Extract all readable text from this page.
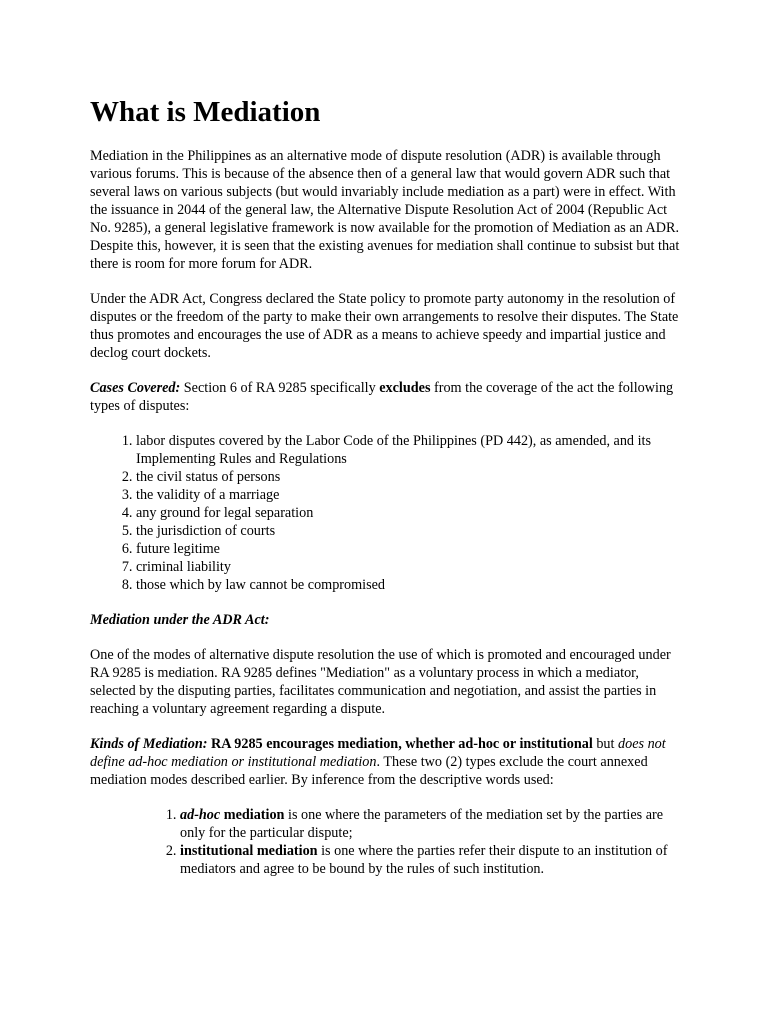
What is Mediation

Mediation in the Philippines as an alternative mode of dispute resolution (ADR) is available through various forums. This is because of the absence then of a general law that would govern ADR such that several laws on various subjects (but would invariably include mediation as a part) were in effect. With the issuance in 2044 of the general law, the Alternative Dispute Resolution Act of 2004 (Republic Act No. 9285), a general legislative framework is now available for the promotion of Mediation as an ADR. Despite this, however, it is seen that the existing avenues for mediation shall continue to subsist but that there is room for more forum for ADR.

Under the ADR Act, Congress declared the State policy to promote party autonomy in the resolution of disputes or the freedom of the party to make their own arrangements to resolve their disputes. The State thus promotes and encourages the use of ADR as a means to achieve speedy and impartial justice and declog court dockets.

Cases Covered: Section 6 of RA 9285 specifically excludes from the coverage of the act the following types of disputes:

1. labor disputes covered by the Labor Code of the Philippines (PD 442), as amended, and its Implementing Rules and Regulations
2. the civil status of persons
3. the validity of a marriage
4. any ground for legal separation
5. the jurisdiction of courts
6. future legitime
7. criminal liability
8. those which by law cannot be compromised

Mediation under the ADR Act:

One of the modes of alternative dispute resolution the use of which is promoted and encouraged under RA 9285 is mediation. RA 9285 defines "Mediation" as a voluntary process in which a mediator, selected by the disputing parties, facilitates communication and negotiation, and assist the parties in reaching a voluntary agreement regarding a dispute.

Kinds of Mediation: RA 9285 encourages mediation, whether ad-hoc or institutional but does not define ad-hoc mediation or institutional mediation. These two (2) types exclude the court annexed mediation modes described earlier. By inference from the descriptive words used:

1. ad-hoc mediation is one where the parameters of the mediation set by the parties are only for the particular dispute;
2. institutional mediation is one where the parties refer their dispute to an institution of mediators and agree to be bound by the rules of such institution.
